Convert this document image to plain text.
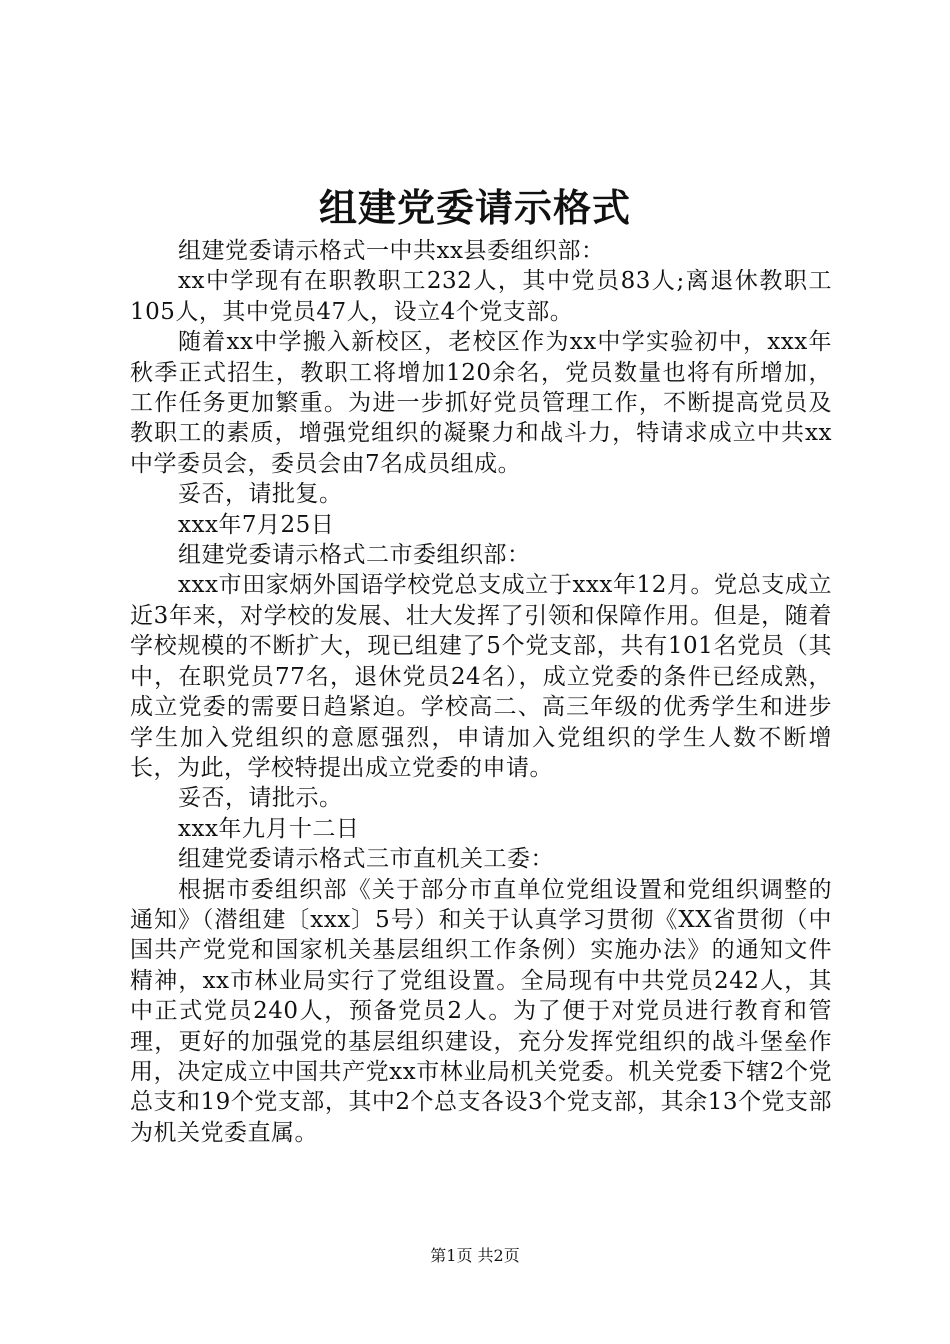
组建党委请示格式

组建党委请示格式一中共xx县委组织部：

xx中学现有在职教职工232人，其中党员83人;离退休教职工105人，其中党员47人，设立4个党支部。

随着xx中学搬入新校区，老校区作为xx中学实验初中，xxx年秋季正式招生，教职工将增加120余名，党员数量也将有所增加，工作任务更加繁重。为进一步抓好党员管理工作，不断提高党员及教职工的素质，增强党组织的凝聚力和战斗力，特请求成立中共xx中学委员会，委员会由7名成员组成。

妥否，请批复。

xxx年7月25日

组建党委请示格式二市委组织部：

xxx市田家炳外国语学校党总支成立于xxx年12月。党总支成立近3年来，对学校的发展、壮大发挥了引领和保障作用。但是，随着学校规模的不断扩大，现已组建了5个党支部，共有101名党员（其中，在职党员77名，退休党员24名），成立党委的条件已经成熟，成立党委的需要日趋紧迫。学校高二、高三年级的优秀学生和进步学生加入党组织的意愿强烈，申请加入党组织的学生人数不断增长，为此，学校特提出成立党委的申请。

妥否，请批示。

xxx年九月十二日

组建党委请示格式三市直机关工委：

根据市委组织部《关于部分市直单位党组设置和党组织调整的通知》（潜组建〔xxx〕5号）和关于认真学习贯彻《XX省贯彻（中国共产党党和国家机关基层组织工作条例）实施办法》的通知文件精神，xx市林业局实行了党组设置。全局现有中共党员242人，其中正式党员240人，预备党员2人。为了便于对党员进行教育和管理，更好的加强党的基层组织建设，充分发挥党组织的战斗堡垒作用，决定成立中国共产党xx市林业局机关党委。机关党委下辖2个党总支和19个党支部，其中2个总支各设3个党支部，其余13个党支部为机关党委直属。

第1页 共2页
